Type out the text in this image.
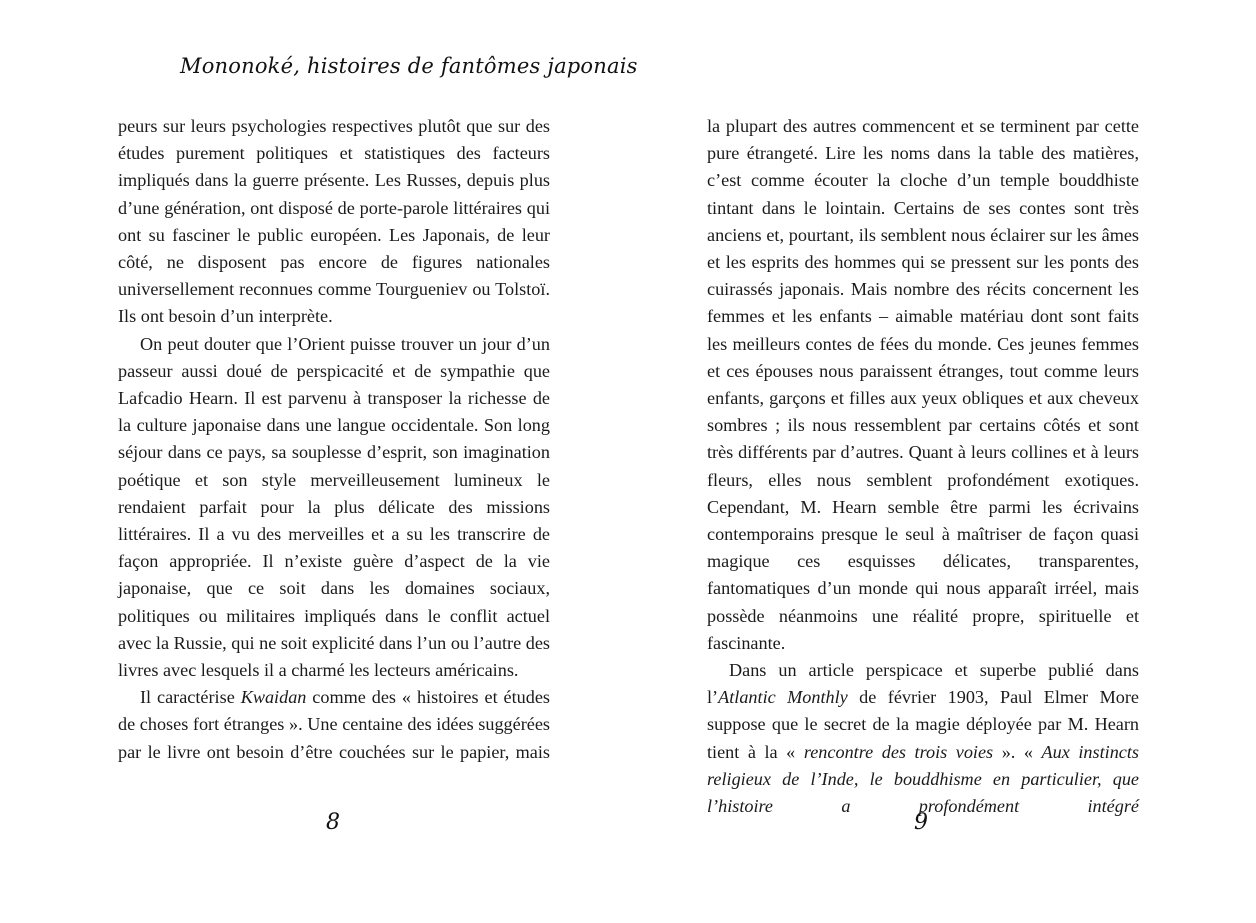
Mononoké, histoires de fantômes japonais

peurs sur leurs psychologies respectives plutôt que sur des études purement politiques et statistiques des facteurs impliqués dans la guerre présente. Les Russes, depuis plus d’une génération, ont disposé de porte-parole littéraires qui ont su fasciner le public européen. Les Japonais, de leur côté, ne disposent pas encore de figures nationales universellement reconnues comme Tourgueniev ou Tolstoï. Ils ont besoin d’un interprète.

On peut douter que l’Orient puisse trouver un jour d’un passeur aussi doué de perspicacité et de sympathie que Lafcadio Hearn. Il est parvenu à transposer la richesse de la culture japonaise dans une langue occidentale. Son long séjour dans ce pays, sa souplesse d’esprit, son imagination poétique et son style merveilleusement lumineux le rendaient parfait pour la plus délicate des missions littéraires. Il a vu des merveilles et a su les transcrire de façon appropriée. Il n’existe guère d’aspect de la vie japonaise, que ce soit dans les domaines sociaux, politiques ou militaires impliqués dans le conflit actuel avec la Russie, qui ne soit explicité dans l’un ou l’autre des livres avec lesquels il a charmé les lecteurs américains.

Il caractérise Kwaidan comme des « histoires et études de choses fort étranges ». Une centaine des idées suggérées par le livre ont besoin d’être couchées sur le papier, mais

8

la plupart des autres commencent et se terminent par cette pure étrangeté. Lire les noms dans la table des matières, c’est comme écouter la cloche d’un temple bouddhiste tintant dans le lointain. Certains de ses contes sont très anciens et, pourtant, ils semblent nous éclairer sur les âmes et les esprits des hommes qui se pressent sur les ponts des cuirassés japonais. Mais nombre des récits concernent les femmes et les enfants – aimable matériau dont sont faits les meilleurs contes de fées du monde. Ces jeunes femmes et ces épouses nous paraissent étranges, tout comme leurs enfants, garçons et filles aux yeux obliques et aux cheveux sombres ; ils nous ressemblent par certains côtés et sont très différents par d’autres. Quant à leurs collines et à leurs fleurs, elles nous semblent profondément exotiques. Cependant, M. Hearn semble être parmi les écrivains contemporains presque le seul à maîtriser de façon quasi magique ces esquisses délicates, transparentes, fantomatiques d’un monde qui nous apparaît irréel, mais possède néanmoins une réalité propre, spirituelle et fascinante.

Dans un article perspicace et superbe publié dans l’Atlantic Monthly de février 1903, Paul Elmer More suppose que le secret de la magie déployée par M. Hearn tient à la « rencontre des trois voies ». « Aux instincts religieux de l’Inde, le bouddhisme en particulier, que l’histoire a profondément intégré

9
